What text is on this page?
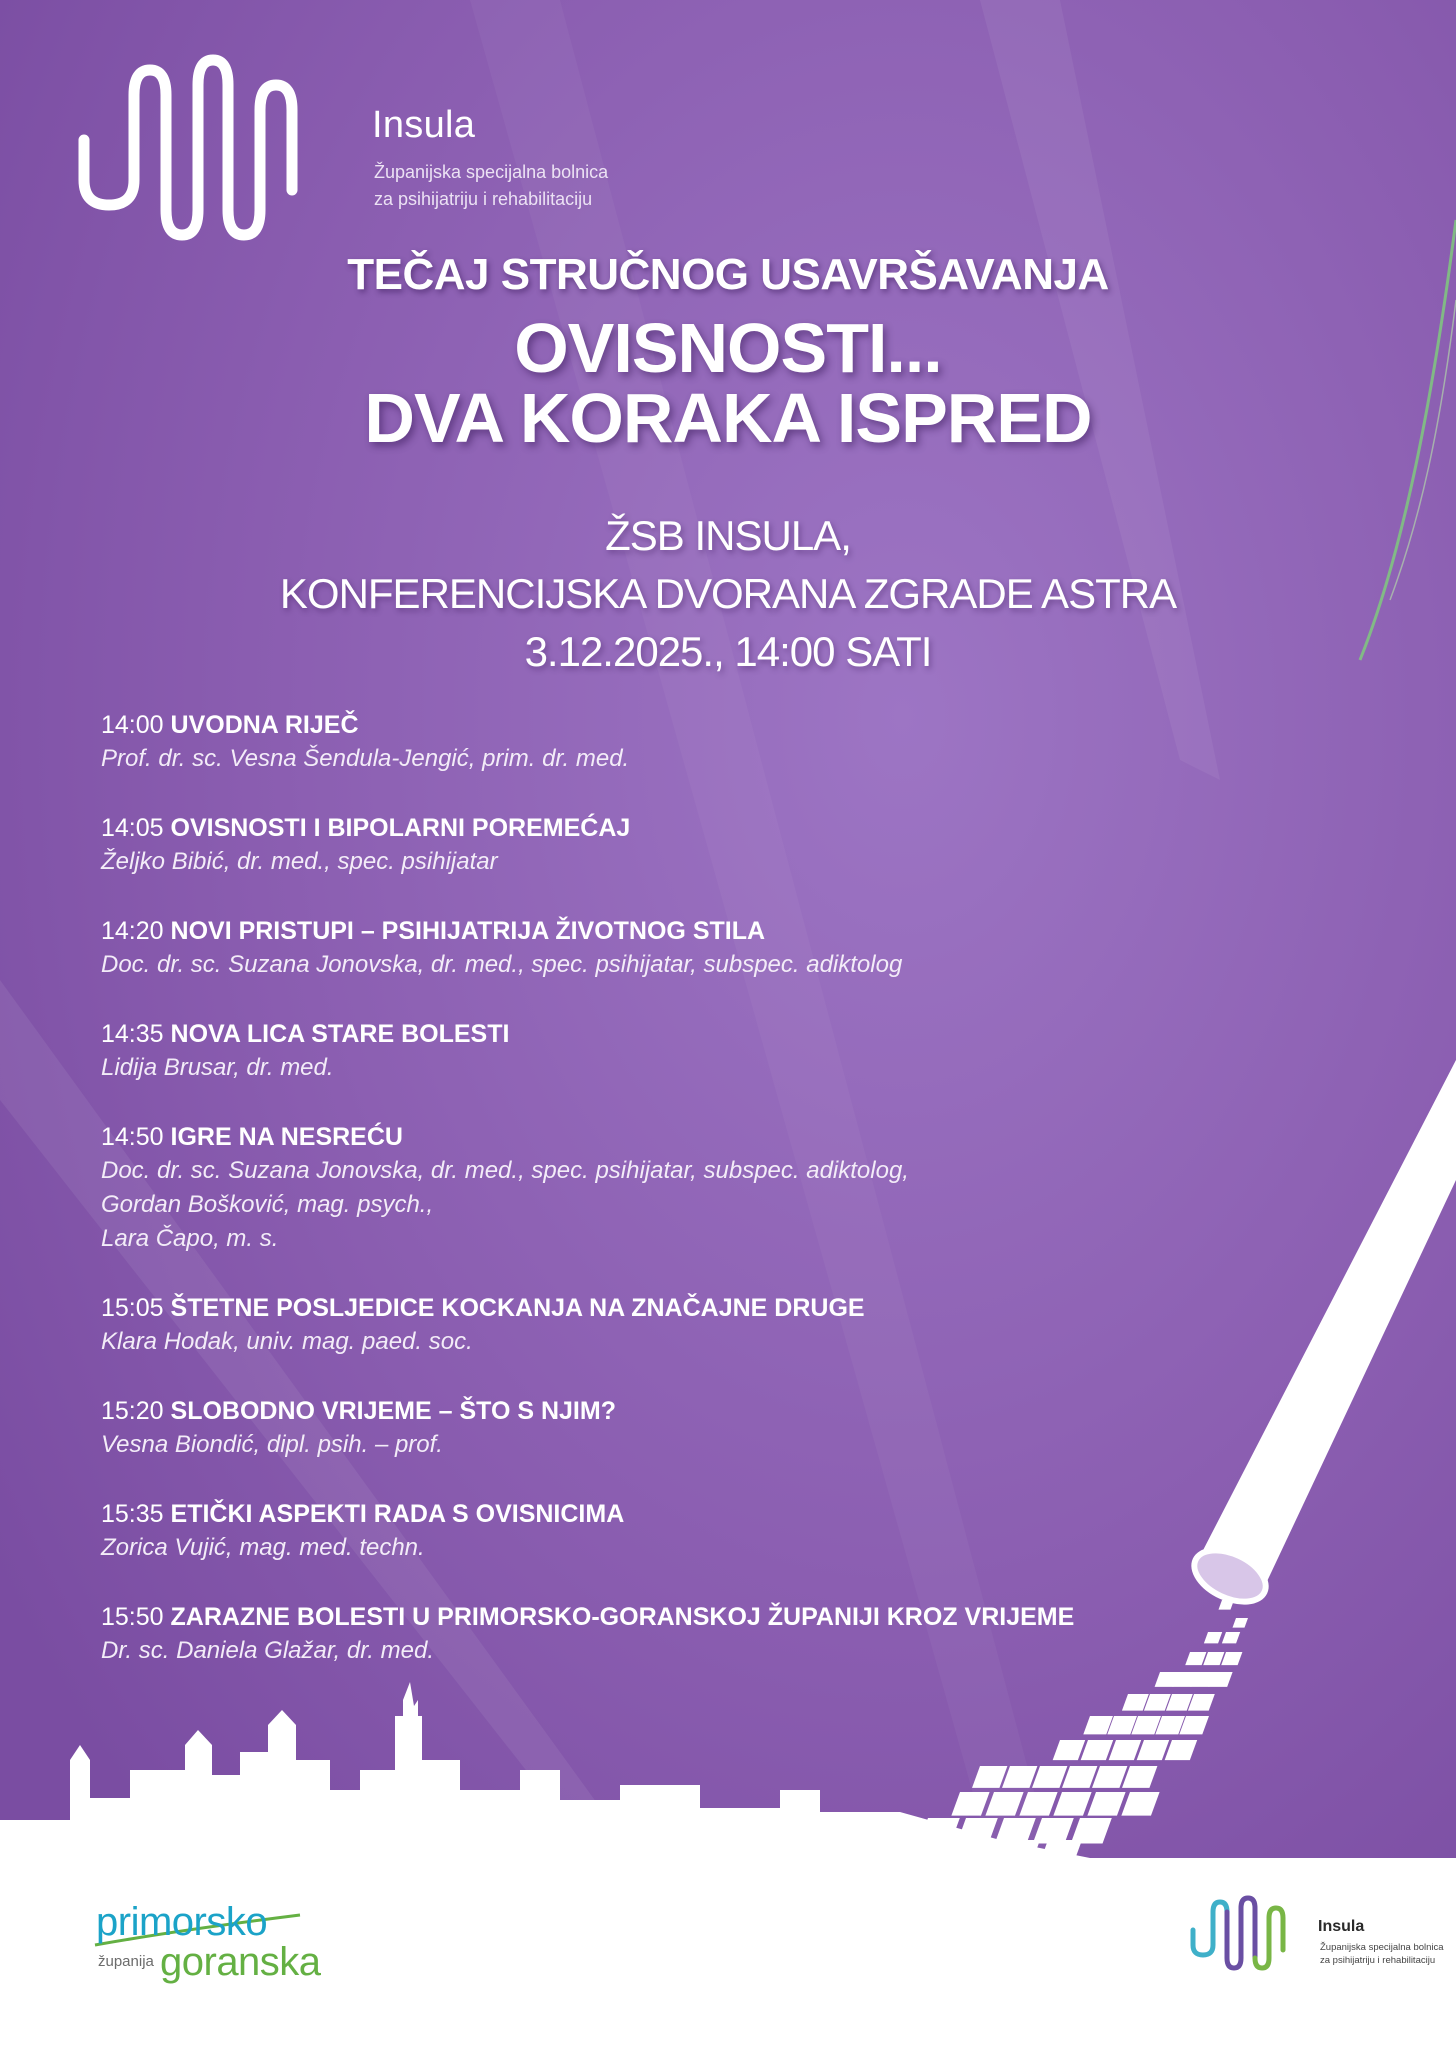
Insula
Županijska specijalna bolnica
za psihijatriju i rehabilitaciju
TEČAJ STRUČNOG USAVRŠAVANJA
OVISNOSTI...
DVA KORAKA ISPRED
ŽSB INSULA,
KONFERENCIJSKA DVORANA ZGRADE ASTRA
3.12.2025., 14:00 SATI
14:00 UVODNA RIJEČ
Prof. dr. sc. Vesna Šendula-Jengić, prim. dr. med.
14:05 OVISNOSTI I BIPOLARNI POREMEĆAJ
Željko Bibić, dr. med., spec. psihijatar
14:20 NOVI PRISTUPI – PSIHIJATRIJA ŽIVOTNOG STILA
Doc. dr. sc. Suzana Jonovska, dr. med., spec. psihijatar, subspec. adiktolog
14:35 NOVA LICA STARE BOLESTI
Lidija Brusar, dr. med.
14:50 IGRE NA NESREĆU
Doc. dr. sc. Suzana Jonovska, dr. med., spec. psihijatar, subspec. adiktolog,
Gordan Bošković, mag. psych.,
Lara Čapo, m. s.
15:05 ŠTETNE POSLJEDICE KOCKANJA NA ZNAČAJNE DRUGE
Klara Hodak, univ. mag. paed. soc.
15:20 SLOBODNO VRIJEME – ŠTO S NJIM?
Vesna Biondić, dipl. psih. – prof.
15:35 ETIČKI ASPEKTI RADA S OVISNICIMA
Zorica Vujić, mag. med. techn.
15:50 ZARAZNE BOLESTI U PRIMORSKO-GORANSKOJ ŽUPANIJI KROZ VRIJEME
Dr. sc. Daniela Glažar, dr. med.
primorsko
goranska
županija
Insula
Županijska specijalna bolnica
za psihijatriju i rehabilitaciju
